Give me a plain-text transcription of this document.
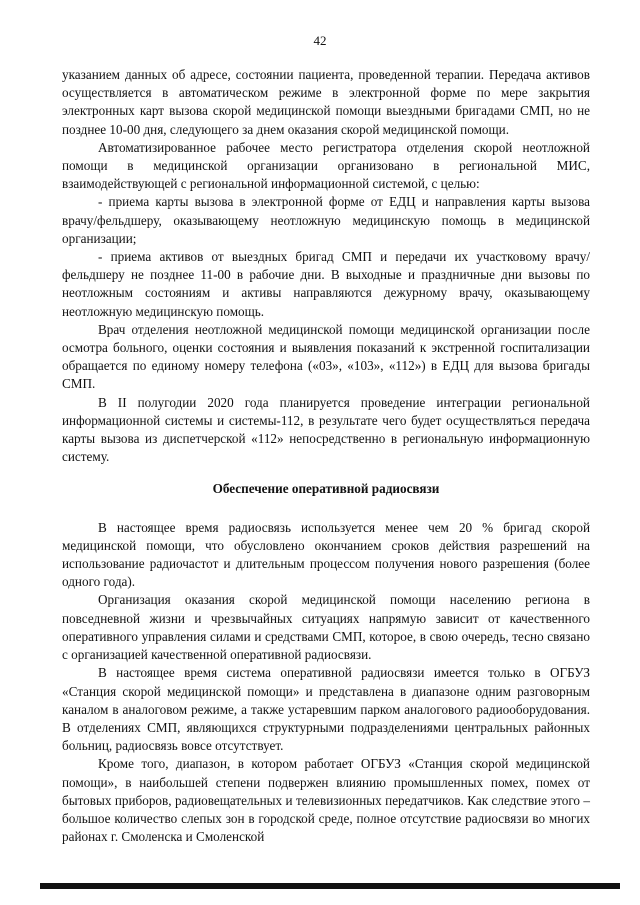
42

указанием данных об адресе, состоянии пациента, проведенной терапии. Передача активов осуществляется в автоматическом режиме в электронной форме по мере закрытия электронных карт вызова скорой медицинской помощи выездными бригадами СМП, но не позднее 10-00 дня, следующего за днем оказания скорой медицинской помощи.

Автоматизированное рабочее место регистратора отделения скорой неотложной помощи в медицинской организации организовано в региональной МИС, взаимодействующей с региональной информационной системой, с целью:

- приема карты вызова в электронной форме от ЕДЦ и направления карты вызова врачу/фельдшеру, оказывающему неотложную медицинскую помощь в медицинской организации;

- приема активов от выездных бригад СМП и передачи их участковому врачу/фельдшеру не позднее 11-00 в рабочие дни. В выходные и праздничные дни вызовы по неотложным состояниям и активы направляются дежурному врачу, оказывающему неотложную медицинскую помощь.

Врач отделения неотложной медицинской помощи медицинской организации после осмотра больного, оценки состояния и выявления показаний к экстренной госпитализации обращается по единому номеру телефона («03», «103», «112») в ЕДЦ для вызова бригады СМП.

В II полугодии 2020 года планируется проведение интеграции региональной информационной системы и системы-112, в результате чего будет осуществляться передача карты вызова из диспетчерской «112» непосредственно в региональную информационную систему.

Обеспечение оперативной радиосвязи

В настоящее время радиосвязь используется менее чем 20 % бригад скорой медицинской помощи, что обусловлено окончанием сроков действия разрешений на использование радиочастот и длительным процессом получения нового разрешения (более одного года).

Организация оказания скорой медицинской помощи населению региона в повседневной жизни и чрезвычайных ситуациях напрямую зависит от качественного оперативного управления силами и средствами СМП, которое, в свою очередь, тесно связано с организацией качественной оперативной радиосвязи.

В настоящее время система оперативной радиосвязи имеется только в ОГБУЗ «Станция скорой медицинской помощи» и представлена в диапазоне одним разговорным каналом в аналоговом режиме, а также устаревшим парком аналогового радиооборудования. В отделениях СМП, являющихся структурными подразделениями центральных районных больниц, радиосвязь вовсе отсутствует.

Кроме того, диапазон, в котором работает ОГБУЗ «Станция скорой медицинской помощи», в наибольшей степени подвержен влиянию промышленных помех, помех от бытовых приборов, радиовещательных и телевизионных передатчиков. Как следствие этого – большое количество слепых зон в городской среде, полное отсутствие радиосвязи во многих районах г. Смоленска и Смоленской
